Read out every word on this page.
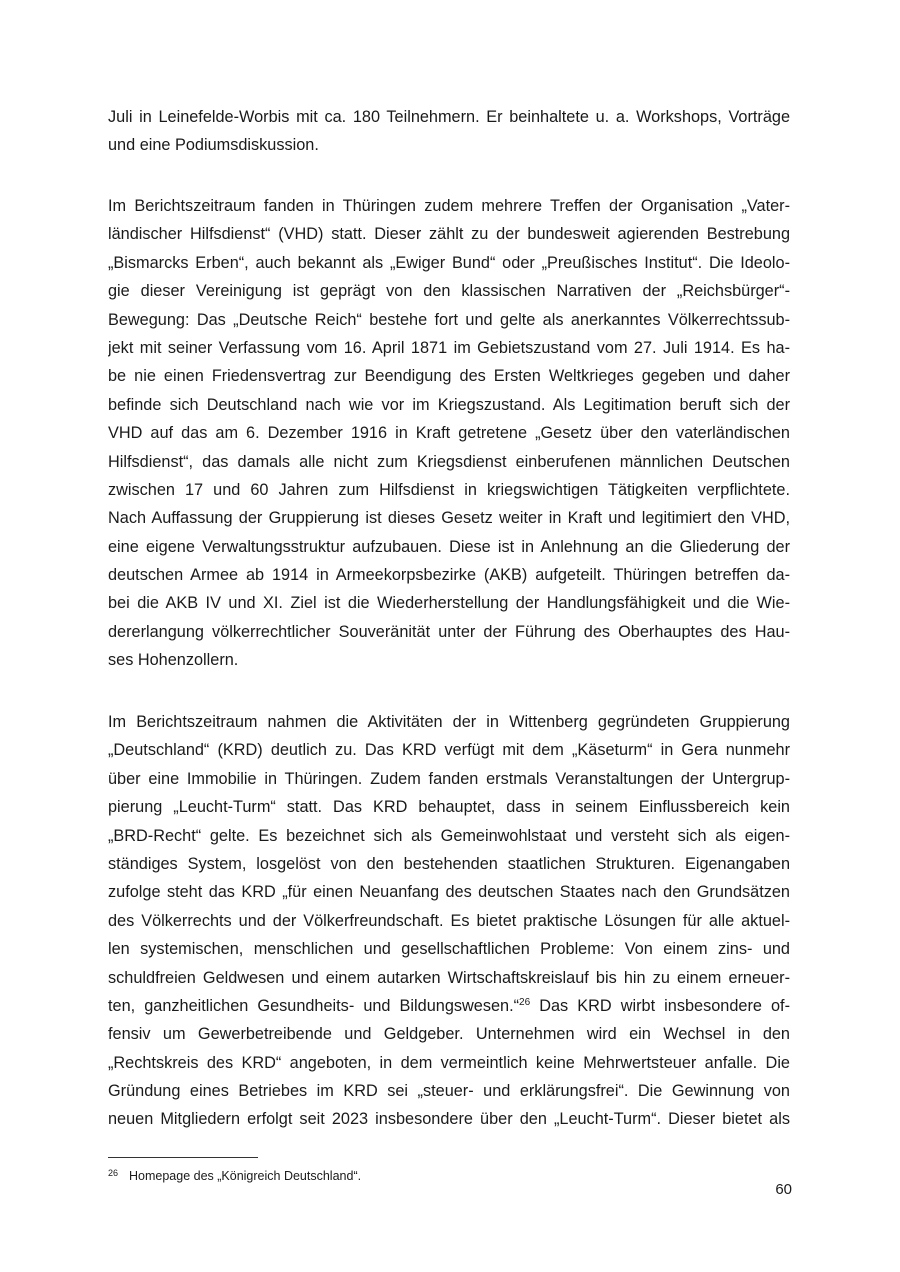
Juli in Leinefelde-Worbis mit ca. 180 Teilnehmern. Er beinhaltete u. a. Workshops, Vorträge
und eine Podiumsdiskussion.
Im Berichtszeitraum fanden in Thüringen zudem mehrere Treffen der Organisation „Vater-
ländischer Hilfsdienst“ (VHD) statt. Dieser zählt zu der bundesweit agierenden Bestrebung
„Bismarcks Erben“, auch bekannt als „Ewiger Bund“ oder „Preußisches Institut“. Die Ideolo-
gie dieser Vereinigung ist geprägt von den klassischen Narrativen der „Reichsbürger“-
Bewegung: Das „Deutsche Reich“ bestehe fort und gelte als anerkanntes Völkerrechtssub-
jekt mit seiner Verfassung vom 16. April 1871 im Gebietszustand vom 27. Juli 1914. Es ha-
be nie einen Friedensvertrag zur Beendigung des Ersten Weltkrieges gegeben und daher
befinde sich Deutschland nach wie vor im Kriegszustand. Als Legitimation beruft sich der
VHD auf das am 6. Dezember 1916 in Kraft getretene „Gesetz über den vaterländischen
Hilfsdienst“, das damals alle nicht zum Kriegsdienst einberufenen männlichen Deutschen
zwischen 17 und 60 Jahren zum Hilfsdienst in kriegswichtigen Tätigkeiten verpflichtete.
Nach Auffassung der Gruppierung ist dieses Gesetz weiter in Kraft und legitimiert den VHD,
eine eigene Verwaltungsstruktur aufzubauen. Diese ist in Anlehnung an die Gliederung der
deutschen Armee ab 1914 in Armeekorpsbezirke (AKB) aufgeteilt. Thüringen betreffen da-
bei die AKB IV und XI. Ziel ist die Wiederherstellung der Handlungsfähigkeit und die Wie-
dererlangung völkerrechtlicher Souveränität unter der Führung des Oberhauptes des Hau-
ses Hohenzollern.
Im Berichtszeitraum nahmen die Aktivitäten der in Wittenberg gegründeten Gruppierung
„Deutschland“ (KRD) deutlich zu. Das KRD verfügt mit dem „Käseturm“ in Gera nunmehr
über eine Immobilie in Thüringen. Zudem fanden erstmals Veranstaltungen der Untergrup-
pierung „Leucht-Turm“ statt. Das KRD behauptet, dass in seinem Einflussbereich kein
„BRD-Recht“ gelte. Es bezeichnet sich als Gemeinwohlstaat und versteht sich als eigen-
ständiges System, losgelöst von den bestehenden staatlichen Strukturen. Eigenangaben
zufolge steht das KRD „für einen Neuanfang des deutschen Staates nach den Grundsätzen
des Völkerrechts und der Völkerfreundschaft. Es bietet praktische Lösungen für alle aktuel-
len systemischen, menschlichen und gesellschaftlichen Probleme: Von einem zins- und
schuldfreien Geldwesen und einem autarken Wirtschaftskreislauf bis hin zu einem erneuer-
ten, ganzheitlichen Gesundheits- und Bildungswesen.“$^{26}$ Das KRD wirbt insbesondere of-
fensiv um Gewerbetreibende und Geldgeber. Unternehmen wird ein Wechsel in den
„Rechtskreis des KRD“ angeboten, in dem vermeintlich keine Mehrwertsteuer anfalle. Die
Gründung eines Betriebes im KRD sei „steuer- und erklärungsfrei“. Die Gewinnung von
neuen Mitgliedern erfolgt seit 2023 insbesondere über den „Leucht-Turm“. Dieser bietet als
26 Homepage des „Königreich Deutschland“.
60
